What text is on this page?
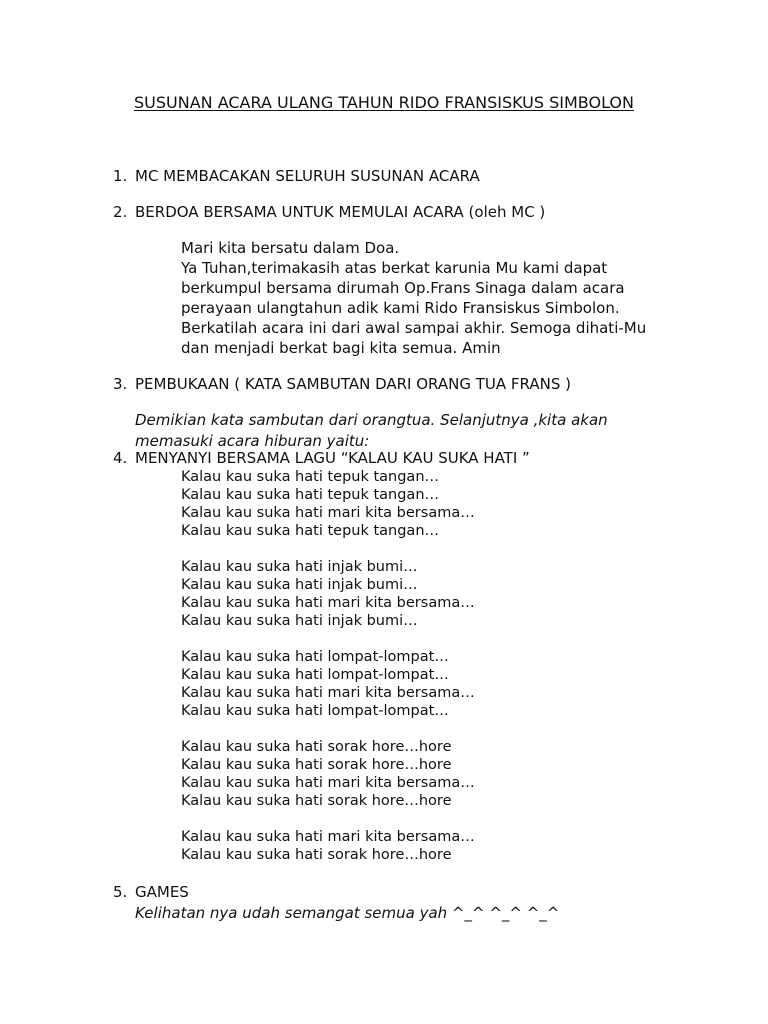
SUSUNAN ACARA ULANG TAHUN RIDO FRANSISKUS SIMBOLON
1. MC MEMBACAKAN SELURUH SUSUNAN ACARA
2. BERDOA BERSAMA UNTUK MEMULAI ACARA (oleh MC )
Mari kita bersatu dalam Doa.
Ya Tuhan,terimakasih atas berkat karunia Mu kami dapat
berkumpul bersama dirumah Op.Frans Sinaga dalam acara
perayaan ulangtahun adik kami Rido Fransiskus Simbolon.
Berkatilah acara ini dari awal sampai akhir. Semoga dihati-Mu
dan menjadi berkat bagi kita semua. Amin
3. PEMBUKAAN ( KATA SAMBUTAN DARI ORANG TUA FRANS )
Demikian kata sambutan dari orangtua. Selanjutnya ,kita akan
memasuki acara hiburan yaitu:
4. MENYANYI BERSAMA LAGU “KALAU KAU SUKA HATI ”
Kalau kau suka hati tepuk tangan…
Kalau kau suka hati tepuk tangan…
Kalau kau suka hati mari kita bersama…
Kalau kau suka hati tepuk tangan…
Kalau kau suka hati injak bumi…
Kalau kau suka hati injak bumi…
Kalau kau suka hati mari kita bersama…
Kalau kau suka hati injak bumi…
Kalau kau suka hati lompat-lompat…
Kalau kau suka hati lompat-lompat…
Kalau kau suka hati mari kita bersama…
Kalau kau suka hati lompat-lompat…
Kalau kau suka hati sorak hore…hore
Kalau kau suka hati sorak hore…hore
Kalau kau suka hati mari kita bersama…
Kalau kau suka hati sorak hore…hore
Kalau kau suka hati mari kita bersama…
Kalau kau suka hati sorak hore…hore
5. GAMES
Kelihatan nya udah semangat semua yah ^_^ ^_^ ^_^
